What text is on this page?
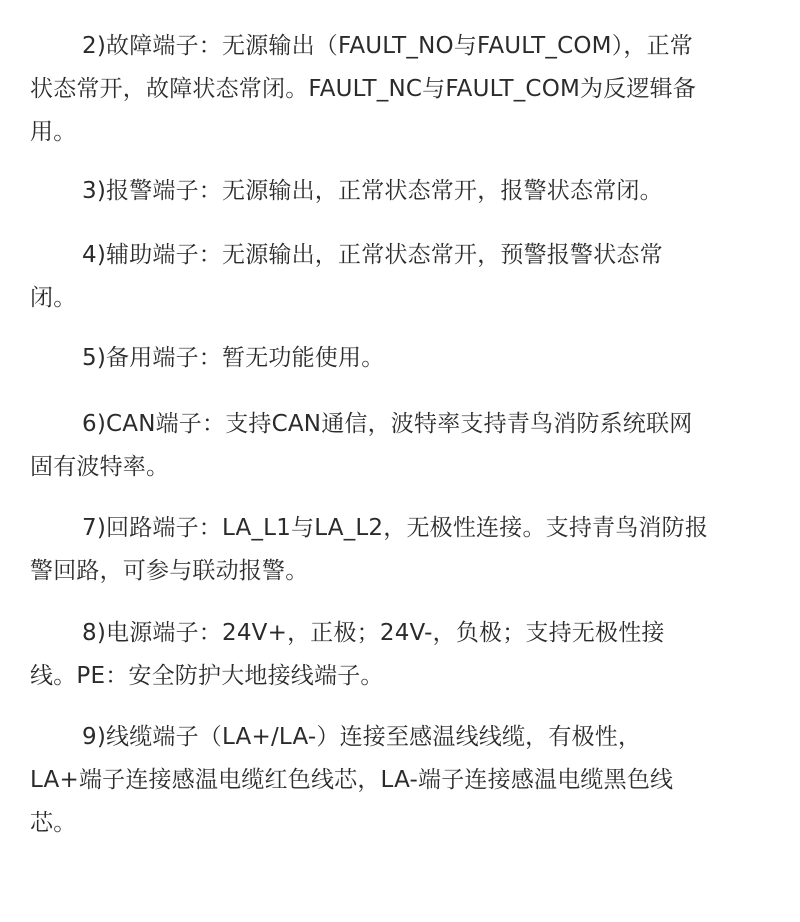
2)故障端子：无源输出（FAULT_NO与FAULT_COM），正常
状态常开，故障状态常闭。FAULT_NC与FAULT_COM为反逻辑备
用。

3)报警端子：无源输出，正常状态常开，报警状态常闭。

4)辅助端子：无源输出，正常状态常开，预警报警状态常
闭。

5)备用端子：暂无功能使用。

6)CAN端子：支持CAN通信，波特率支持青鸟消防系统联网
固有波特率。

7)回路端子：LA_L1与LA_L2，无极性连接。支持青鸟消防报
警回路，可参与联动报警。

8)电源端子：24V+，正极；24V-，负极；支持无极性接
线。PE：安全防护大地接线端子。

9)线缆端子（LA+/LA-）连接至感温线线缆，有极性，
LA+端子连接感温电缆红色线芯，LA-端子连接感温电缆黑色线
芯。
